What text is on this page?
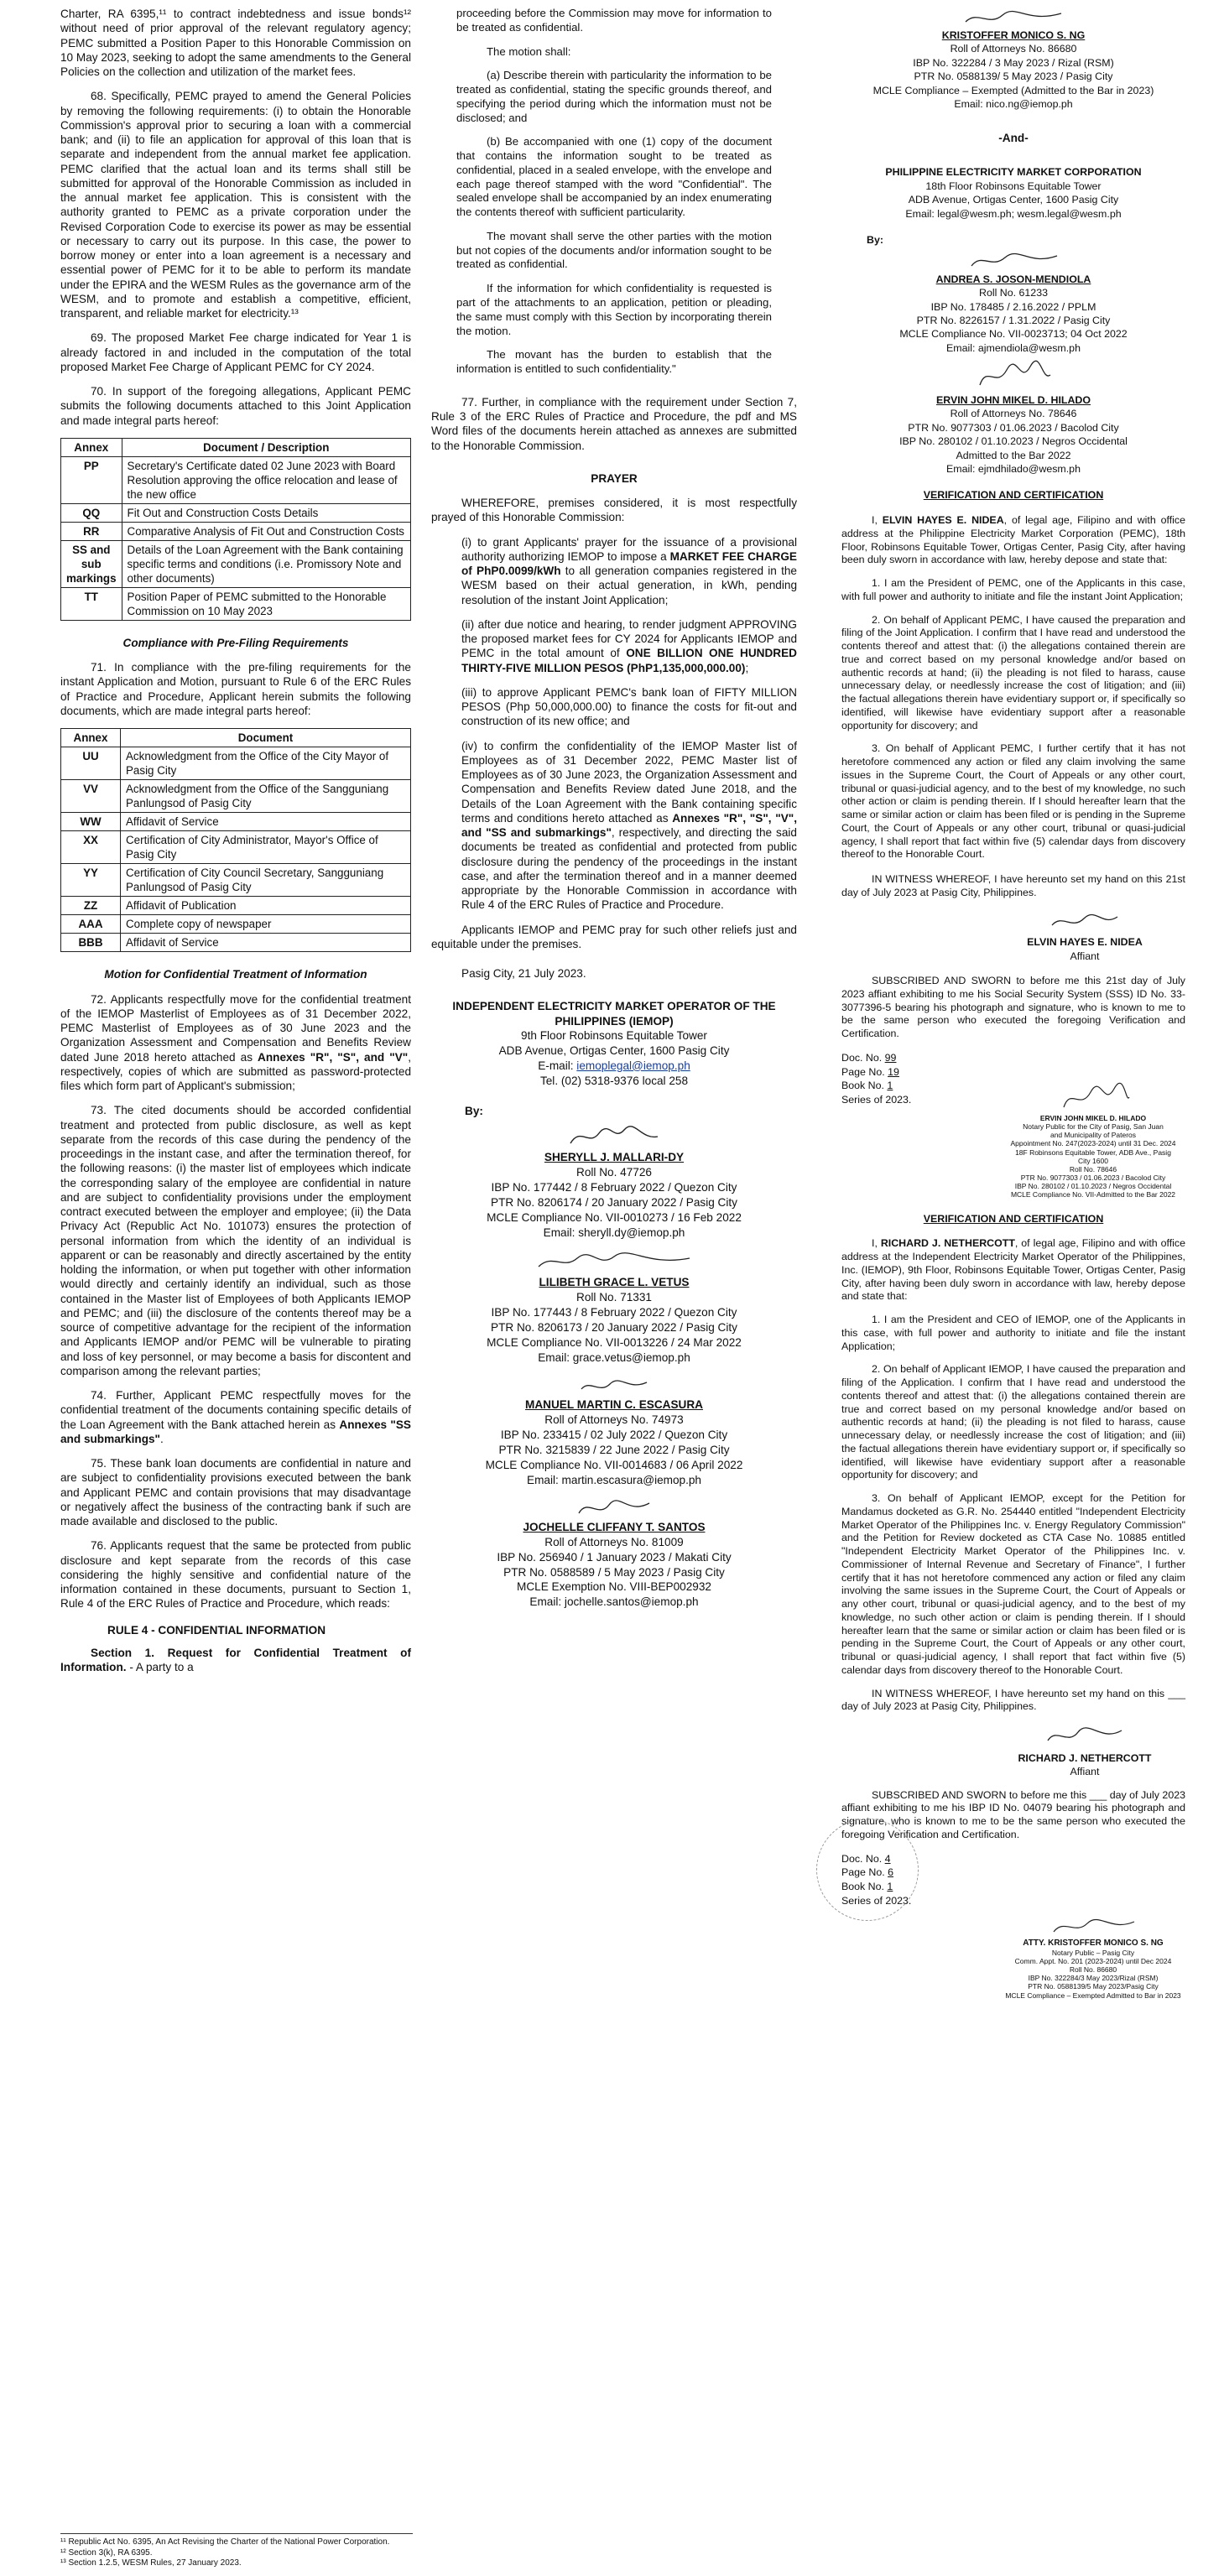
Charter, RA 6395,¹¹ to contract indebtedness and issue bonds¹² without need of prior approval of the relevant regulatory agency; PEMC submitted a Position Paper to this Honorable Commission on 10 May 2023, seeking to adopt the same amendments to the General Policies on the collection and utilization of the market fees.

68. Specifically, PEMC prayed to amend the General Policies by removing the following requirements: (i) to obtain the Honorable Commission's approval prior to securing a loan with a commercial bank; and (ii) to file an application for approval of this loan that is separate and independent from the annual market fee application. PEMC clarified that the actual loan and its terms shall still be submitted for approval of the Honorable Commission as included in the annual market fee application. This is consistent with the authority granted to PEMC as a private corporation under the Revised Corporation Code to exercise its power as may be essential or necessary to carry out its purpose. In this case, the power to borrow money or enter into a loan agreement is a necessary and essential power of PEMC for it to be able to perform its mandate under the EPIRA and the WESM Rules as the governance arm of the WESM, and to promote and establish a competitive, efficient, transparent, and reliable market for electricity.¹³

69. The proposed Market Fee charge indicated for Year 1 is already factored in and included in the computation of the total proposed Market Fee Charge of Applicant PEMC for CY 2024.

70. In support of the foregoing allegations, Applicant PEMC submits the following documents attached to this Joint Application and made integral parts hereof:

Annex	Document / Description
PP	Secretary's Certificate dated 02 June 2023 with Board Resolution approving the office relocation and lease of the new office
QQ	Fit Out and Construction Costs Details
RR	Comparative Analysis of Fit Out and Construction Costs
SS and sub markings	Details of the Loan Agreement with the Bank containing specific terms and conditions (i.e. Promissory Note and other documents)
TT	Position Paper of PEMC submitted to the Honorable Commission on 10 May 2023
Compliance with Pre-Filing Requirements

71. In compliance with the pre-filing requirements for the instant Application and Motion, pursuant to Rule 6 of the ERC Rules of Practice and Procedure, Applicant herein submits the following documents, which are made integral parts hereof:

Annex	Document
UU	Acknowledgment from the Office of the City Mayor of Pasig City
VV	Acknowledgment from the Office of the Sangguniang Panlungsod of Pasig City
WW	Affidavit of Service
XX	Certification of City Administrator, Mayor's Office of Pasig City
YY	Certification of City Council Secretary, Sangguniang Panlungsod of Pasig City
ZZ	Affidavit of Publication
AAA	Complete copy of newspaper
BBB	Affidavit of Service
Motion for Confidential Treatment of Information

72. Applicants respectfully move for the confidential treatment of the IEMOP Masterlist of Employees as of 31 December 2022, PEMC Masterlist of Employees as of 30 June 2023 and the Organization Assessment and Compensation and Benefits Review dated June 2018 hereto attached as Annexes "R", "S", and "V", respectively, copies of which are submitted as password-protected files which form part of Applicant's submission;

73. The cited documents should be accorded confidential treatment and protected from public disclosure, as well as kept separate from the records of this case during the pendency of the proceedings in the instant case, and after the termination thereof, for the following reasons: (i) the master list of employees which indicate the corresponding salary of the employee are confidential in nature and are subject to confidentiality provisions under the employment contract executed between the employer and employee; (ii) the Data Privacy Act (Republic Act No. 101073) ensures the protection of personal information from which the identity of an individual is apparent or can be reasonably and directly ascertained by the entity holding the information, or when put together with other information would directly and certainly identify an individual, such as those contained in the Master list of Employees of both Applicants IEMOP and PEMC; and (iii) the disclosure of the contents thereof may be a source of competitive advantage for the recipient of the information and Applicants IEMOP and/or PEMC will be vulnerable to pirating and loss of key personnel, or may become a basis for discontent and comparison among the relevant parties;

74. Further, Applicant PEMC respectfully moves for the confidential treatment of the documents containing specific details of the Loan Agreement with the Bank attached herein as Annexes "SS and submarkings".

75. These bank loan documents are confidential in nature and are subject to confidentiality provisions executed between the bank and Applicant PEMC and contain provisions that may disadvantage or negatively affect the business of the contracting bank if such are made available and disclosed to the public.

76. Applicants request that the same be protected from public disclosure and kept separate from the records of this case considering the highly sensitive and confidential nature of the information contained in these documents, pursuant to Section 1, Rule 4 of the ERC Rules of Practice and Procedure, which reads:

RULE 4 - CONFIDENTIAL INFORMATION

Section 1. Request for Confidential Treatment of Information. - A party to a

¹¹ Republic Act No. 6395, An Act Revising the Charter of the National Power Corporation.
¹² Section 3(k), RA 6395.
¹³ Section 1.2.5, WESM Rules, 27 January 2023.

proceeding before the Commission may move for information to be treated as confidential.

The motion shall:

(a) Describe therein with particularity the information to be treated as confidential, stating the specific grounds thereof, and specifying the period during which the information must not be disclosed; and

(b) Be accompanied with one (1) copy of the document that contains the information sought to be treated as confidential, placed in a sealed envelope, with the envelope and each page thereof stamped with the word "Confidential". The sealed envelope shall be accompanied by an index enumerating the contents thereof with sufficient particularity.

The movant shall serve the other parties with the motion but not copies of the documents and/or information sought to be treated as confidential.

If the information for which confidentiality is requested is part of the attachments to an application, petition or pleading, the same must comply with this Section by incorporating therein the motion.

The movant has the burden to establish that the information is entitled to such confidentiality."

77. Further, in compliance with the requirement under Section 7, Rule 3 of the ERC Rules of Practice and Procedure, the pdf and MS Word files of the documents herein attached as annexes are submitted to the Honorable Commission.

PRAYER

WHEREFORE, premises considered, it is most respectfully prayed of this Honorable Commission:

(i) to grant Applicants' prayer for the issuance of a provisional authority authorizing IEMOP to impose a MARKET FEE CHARGE of PhP0.0099/kWh to all generation companies registered in the WESM based on their actual generation, in kWh, pending resolution of the instant Joint Application;

(ii) after due notice and hearing, to render judgment APPROVING the proposed market fees for CY 2024 for Applicants IEMOP and PEMC in the total amount of ONE BILLION ONE HUNDRED THIRTY-FIVE MILLION PESOS (PhP1,135,000,000.00);

(iii) to approve Applicant PEMC's bank loan of FIFTY MILLION PESOS (Php 50,000,000.00) to finance the costs for fit-out and construction of its new office; and

(iv) to confirm the confidentiality of the IEMOP Master list of Employees as of 31 December 2022, PEMC Master list of Employees as of 30 June 2023, the Organization Assessment and Compensation and Benefits Review dated June 2018, and the Details of the Loan Agreement with the Bank containing specific terms and conditions hereto attached as Annexes "R", "S", "V", and "SS and submarkings", respectively, and directing the said documents be treated as confidential and protected from public disclosure during the pendency of the proceedings in the instant case, and after the termination thereof and in a manner deemed appropriate by the Honorable Commission in accordance with Rule 4 of the ERC Rules of Practice and Procedure.

Applicants IEMOP and PEMC pray for such other reliefs just and equitable under the premises.

Pasig City, 21 July 2023.

INDEPENDENT ELECTRICITY MARKET OPERATOR OF THE PHILIPPINES (IEMOP)

9th Floor Robinsons Equitable Tower

ADB Avenue, Ortigas Center, 1600 Pasig City

E-mail: iemoplegal@iemop.ph

Tel. (02) 5318-9376 local 258

By:

SHERYLL J. MALLARI-DY

Roll No. 47726

IBP No. 177442 / 8 February 2022 / Quezon City

PTR No. 8206174 / 20 January 2022 / Pasig City

MCLE Compliance No. VII-0010273 / 16 Feb 2022

Email: sheryll.dy@iemop.ph

LILIBETH GRACE L. VETUS

Roll No. 71331

IBP No. 177443 / 8 February 2022 / Quezon City

PTR No. 8206173 / 20 January 2022 / Pasig City

MCLE Compliance No. VII-0013226 / 24 Mar 2022

Email: grace.vetus@iemop.ph

MANUEL MARTIN C. ESCASURA

Roll of Attorneys No. 74973

IBP No. 233415 / 02 July 2022 / Quezon City

PTR No. 3215839 / 22 June 2022 / Pasig City

MCLE Compliance No. VII-0014683 / 06 April 2022

Email: martin.escasura@iemop.ph

JOCHELLE CLIFFANY T. SANTOS

Roll of Attorneys No. 81009

IBP No. 256940 / 1 January 2023 / Makati City

PTR No. 0588589 / 5 May 2023 / Pasig City

MCLE Exemption No. VIII-BEP002932

Email: jochelle.santos@iemop.ph

KRISTOFFER MONICO S. NG

Roll of Attorneys No. 86680

IBP No. 322284 / 3 May 2023 / Rizal (RSM)

PTR No. 0588139/ 5 May 2023 / Pasig City

MCLE Compliance – Exempted (Admitted to the Bar in 2023)

Email: nico.ng@iemop.ph

-And-

PHILIPPINE ELECTRICITY MARKET CORPORATION

18th Floor Robinsons Equitable Tower

ADB Avenue, Ortigas Center, 1600 Pasig City

Email: legal@wesm.ph; wesm.legal@wesm.ph

By:

ANDREA S. JOSON-MENDIOLA

Roll No. 61233

IBP No. 178485 / 2.16.2022 / PPLM

PTR No. 8226157 / 1.31.2022 / Pasig City

MCLE Compliance No. VII-0023713; 04 Oct 2022

Email: ajmendiola@wesm.ph

ERVIN JOHN MIKEL D. HILADO

Roll of Attorneys No. 78646

PTR No. 9077303 / 01.06.2023 / Bacolod City

IBP No. 280102 / 01.10.2023 / Negros Occidental

Admitted to the Bar 2022

Email: ejmdhilado@wesm.ph

VERIFICATION AND CERTIFICATION

I, ELVIN HAYES E. NIDEA, of legal age, Filipino and with office address at the Philippine Electricity Market Corporation (PEMC), 18th Floor, Robinsons Equitable Tower, Ortigas Center, Pasig City, after having been duly sworn in accordance with law, hereby depose and state that:

1. I am the President of PEMC, one of the Applicants in this case, with full power and authority to initiate and file the instant Joint Application;

2. On behalf of Applicant PEMC, I have caused the preparation and filing of the Joint Application. I confirm that I have read and understood the contents thereof and attest that: (i) the allegations contained therein are true and correct based on my personal knowledge and/or based on authentic records at hand; (ii) the pleading is not filed to harass, cause unnecessary delay, or needlessly increase the cost of litigation; and (iii) the factual allegations therein have evidentiary support or, if specifically so identified, will likewise have evidentiary support after a reasonable opportunity for discovery; and

3. On behalf of Applicant PEMC, I further certify that it has not heretofore commenced any action or filed any claim involving the same issues in the Supreme Court, the Court of Appeals or any other court, tribunal or quasi-judicial agency, and to the best of my knowledge, no such other action or claim is pending therein. If I should hereafter learn that the same or similar action or claim has been filed or is pending in the Supreme Court, the Court of Appeals or any other court, tribunal or quasi-judicial agency, I shall report that fact within five (5) calendar days from discovery thereof to the Honorable Court.

IN WITNESS WHEREOF, I have hereunto set my hand on this 21st day of July 2023 at Pasig City, Philippines.

ELVIN HAYES E. NIDEA

Affiant

SUBSCRIBED AND SWORN to before me this 21st day of July 2023 affiant exhibiting to me his Social Security System (SSS) ID No. 33-3077396-5 bearing his photograph and signature, who is known to me to be the same person who executed the foregoing Verification and Certification.

Doc. No. 99
Page No. 19
Book No. 1
Series of 2023.
ERVIN JOHN MIKEL D. HILADO
Notary Public for the City of Pasig, San Juan
and Municipality of Pateros
Appointment No. 247(2023-2024) until 31 Dec. 2024
18F Robinsons Equitable Tower, ADB Ave., Pasig City 1600
Roll No. 78646
PTR No. 9077303 / 01.06.2023 / Bacolod City
IBP No. 280102 / 01.10.2023 / Negros Occidental
MCLE Compliance No. VII-Admitted to the Bar 2022
VERIFICATION AND CERTIFICATION

I, RICHARD J. NETHERCOTT, of legal age, Filipino and with office address at the Independent Electricity Market Operator of the Philippines, Inc. (IEMOP), 9th Floor, Robinsons Equitable Tower, Ortigas Center, Pasig City, after having been duly sworn in accordance with law, hereby depose and state that:

1. I am the President and CEO of IEMOP, one of the Applicants in this case, with full power and authority to initiate and file the instant Application;

2. On behalf of Applicant IEMOP, I have caused the preparation and filing of the Application. I confirm that I have read and understood the contents thereof and attest that: (i) the allegations contained therein are true and correct based on my personal knowledge and/or based on authentic records at hand; (ii) the pleading is not filed to harass, cause unnecessary delay, or needlessly increase the cost of litigation; and (iii) the factual allegations therein have evidentiary support or, if specifically so identified, will likewise have evidentiary support after a reasonable opportunity for discovery; and

3. On behalf of Applicant IEMOP, except for the Petition for Mandamus docketed as G.R. No. 254440 entitled "Independent Electricity Market Operator of the Philippines Inc. v. Energy Regulatory Commission" and the Petition for Review docketed as CTA Case No. 10885 entitled "Independent Electricity Market Operator of the Philippines Inc. v. Commissioner of Internal Revenue and Secretary of Finance", I further certify that it has not heretofore commenced any action or filed any claim involving the same issues in the Supreme Court, the Court of Appeals or any other court, tribunal or quasi-judicial agency, and to the best of my knowledge, no such other action or claim is pending therein. If I should hereafter learn that the same or similar action or claim has been filed or is pending in the Supreme Court, the Court of Appeals or any other court, tribunal or quasi-judicial agency, I shall report that fact within five (5) calendar days from discovery thereof to the Honorable Court.

IN WITNESS WHEREOF, I have hereunto set my hand on this ___ day of July 2023 at Pasig City, Philippines.

RICHARD J. NETHERCOTT

Affiant

SUBSCRIBED AND SWORN to before me this ___ day of July 2023 affiant exhibiting to me his IBP ID No. 04079 bearing his photograph and signature, who is known to me to be the same person who executed the foregoing Verification and Certification.

Doc. No. 4
Page No. 6
Book No. 1
Series of 2023.
ATTY. KRISTOFFER MONICO S. NG
Notary Public – Pasig City
Comm. Appt. No. 201 (2023-2024) until Dec 2024
Roll No. 86680
IBP No. 322284/3 May 2023/Rizal (RSM)
PTR No. 0588139/5 May 2023/Pasig City
MCLE Compliance – Exempted Admitted to Bar in 2023
